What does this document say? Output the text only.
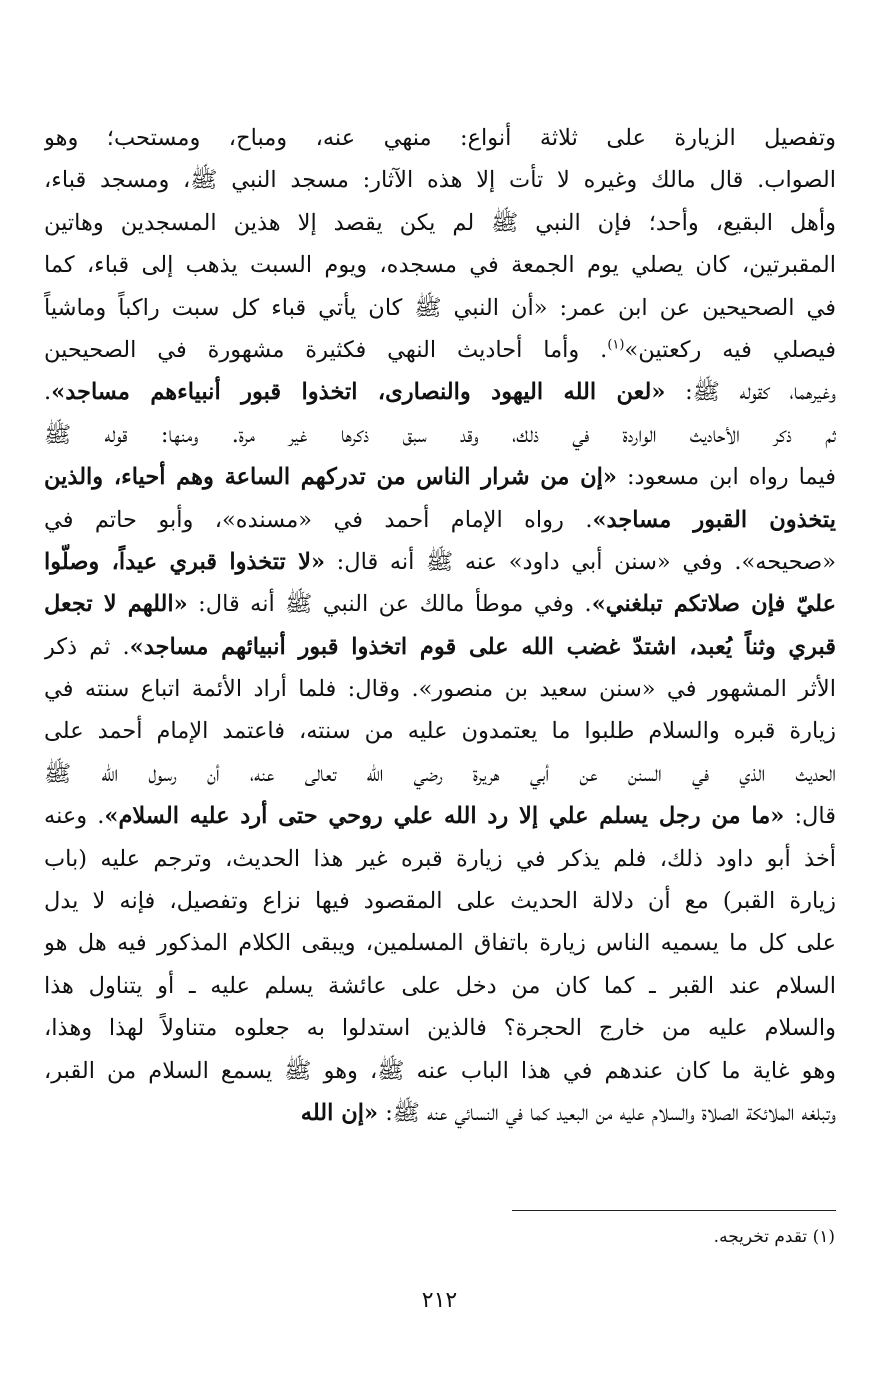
وتفصيل الزيارة على ثلاثة أنواع: منهي عنه، ومباح، ومستحب؛ وهو
الصواب. قال مالك وغيره لا تأت إلا هذه الآثار: مسجد النبي ﷺ، ومسجد قباء،
وأهل البقيع، وأحد؛ فإن النبي ﷺ لم يكن يقصد إلا هذين المسجدين وهاتين
المقبرتين، كان يصلي يوم الجمعة في مسجده، ويوم السبت يذهب إلى قباء، كما
في الصحيحين عن ابن عمر: «أن النبي ﷺ كان يأتي قباء كل سبت راكباً وماشياً
فيصلي فيه ركعتين»$^{(١)}$. وأما أحاديث النهي فكثيرة مشهورة في الصحيحين
وغيرهما، كقوله ﷺ: «لعن الله اليهود والنصارى، اتخذوا قبور أنبياءهم مساجد».
ثم ذكر الأحاديث الواردة في ذلك، وقد سبق ذكرها غير مرة. ومنها: قوله ﷺ
فيما رواه ابن مسعود: «إن من شرار الناس من تدركهم الساعة وهم أحياء، والذين
يتخذون القبور مساجد». رواه الإمام أحمد في «مسنده»، وأبو حاتم في
«صحيحه». وفي «سنن أبي داود» عنه ﷺ أنه قال: «لا تتخذوا قبري عيداً، وصلّوا
عليّ فإن صلاتكم تبلغني». وفي موطأ مالك عن النبي ﷺ أنه قال: «اللهم لا تجعل
قبري وثناً يُعبد، اشتدّ غضب الله على قوم اتخذوا قبور أنبيائهم مساجد». ثم ذكر
الأثر المشهور في «سنن سعيد بن منصور». وقال: فلما أراد الأئمة اتباع سنته في
زيارة قبره والسلام طلبوا ما يعتمدون عليه من سنته، فاعتمد الإمام أحمد على
الحديث الذي في السنن عن أبي هريرة رضي الله تعالى عنه، أن رسول الله ﷺ
قال: «ما من رجل يسلم علي إلا رد الله علي روحي حتى أرد عليه السلام». وعنه
أخذ أبو داود ذلك، فلم يذكر في زيارة قبره غير هذا الحديث، وترجم عليه (باب
زيارة القبر) مع أن دلالة الحديث على المقصود فيها نزاع وتفصيل، فإنه لا يدل
على كل ما يسميه الناس زيارة باتفاق المسلمين، ويبقى الكلام المذكور فيه هل هو
السلام عند القبر ـ كما كان من دخل على عائشة يسلم عليه ـ أو يتناول هذا
والسلام عليه من خارج الحجرة؟ فالذين استدلوا به جعلوه متناولاً لهذا وهذا،
وهو غاية ما كان عندهم في هذا الباب عنه ﷺ، وهو ﷺ يسمع السلام من القبر،
وتبلغه الملائكة الصلاة والسلام عليه من البعيد كما في النسائي عنه ﷺ: «إن الله
(١) تقدم تخريجه.
٢١٢
